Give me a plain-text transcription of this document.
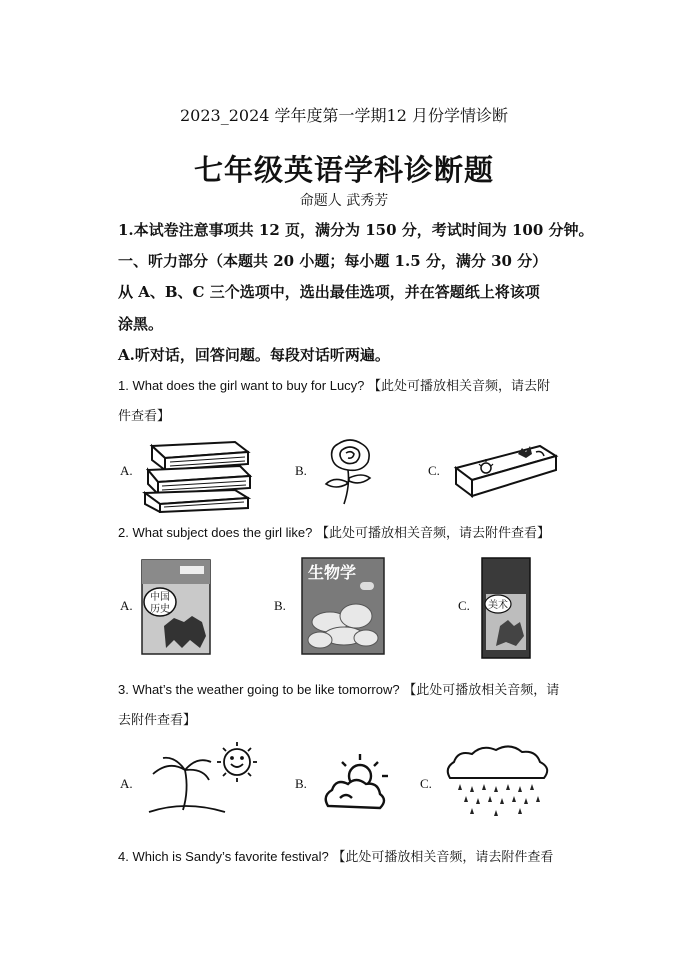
2023_2024 学年度第一学期12 月份学情诊断
七年级英语学科诊断题
命题人 武秀芳
1.本试卷注意事项共 12 页，满分为 150 分，考试时间为 100 分钟。
一、听力部分（本题共 20 小题；每小题 1.5 分，满分 30 分）
从 A、B、C 三个选项中，选出最佳选项，并在答题纸上将该项
涂黑。
A.听对话，回答问题。每段对话听两遍。
1. What does the girl want to buy for Lucy? 【此处可播放相关音频，请去附
件查看】
A.	B.	C.
2. What subject does the girl like? 【此处可播放相关音频，请去附件查看】
A.	B.	C.
中国
历史
生物学
美术
3. What’s the weather going to be like tomorrow? 【此处可播放相关音频，请
去附件查看】
A.	B.	C.
4. Which is Sandy’s favorite festival? 【此处可播放相关音频，请去附件查看
